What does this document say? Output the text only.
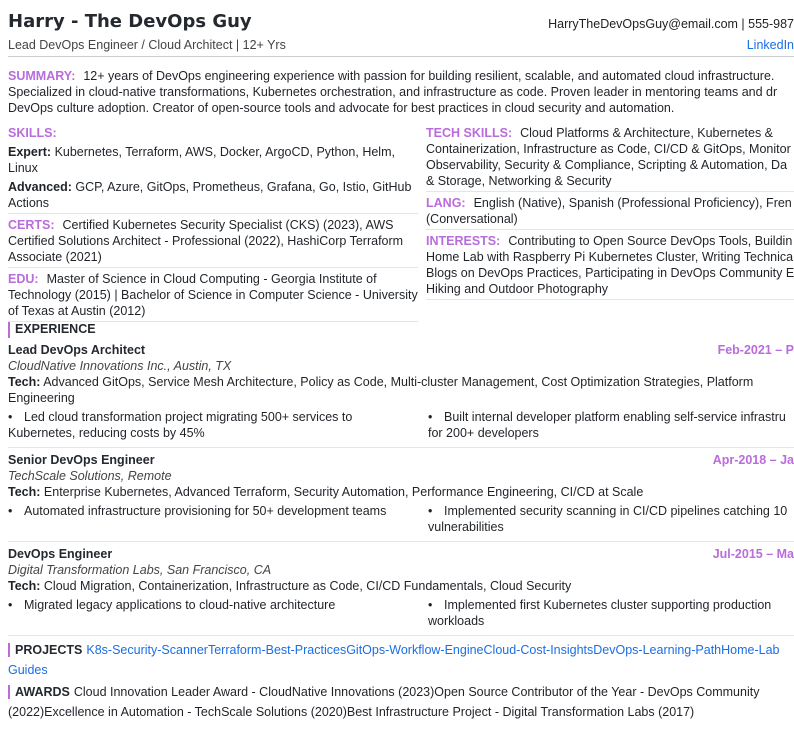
Harry - The DevOps Guy
Lead DevOps Engineer / Cloud Architect | 12+ Yrs
HarryTheDevOpsGuy@email.com | 555-987
LinkedIn
SUMMARY: 12+ years of DevOps engineering experience with passion for building resilient, scalable, and automated cloud infrastructure. Specialized in cloud-native transformations, Kubernetes orchestration, and infrastructure as code. Proven leader in mentoring teams and dr DevOps culture adoption. Creator of open-source tools and advocate for best practices in cloud security and automation.
SKILLS:
Expert: Kubernetes, Terraform, AWS, Docker, ArgoCD, Python, Helm, Linux
Advanced: GCP, Azure, GitOps, Prometheus, Grafana, Go, Istio, GitHub Actions
CERTS: Certified Kubernetes Security Specialist (CKS) (2023), AWS Certified Solutions Architect - Professional (2022), HashiCorp Terraform Associate (2021)
EDU: Master of Science in Cloud Computing - Georgia Institute of Technology (2015) | Bachelor of Science in Computer Science - University of Texas at Austin (2012)
TECH SKILLS: Cloud Platforms & Architecture, Kubernetes &
Containerization, Infrastructure as Code, CI/CD & GitOps, Monitor
Observability, Security & Compliance, Scripting & Automation, Da
& Storage, Networking & Security
LANG: English (Native), Spanish (Professional Proficiency), Fren
(Conversational)
INTERESTS: Contributing to Open Source DevOps Tools, Buildin
Home Lab with Raspberry Pi Kubernetes Cluster, Writing Technica
Blogs on DevOps Practices, Participating in DevOps Community E
Hiking and Outdoor Photography
EXPERIENCE
Lead DevOps Architect	Feb-2021 – P
CloudNative Innovations Inc., Austin, TX
Tech: Advanced GitOps, Service Mesh Architecture, Policy as Code, Multi-cluster Management, Cost Optimization Strategies, Platform Engineering
• Led cloud transformation project migrating 500+ services to Kubernetes, reducing costs by 45%
• Built internal developer platform enabling self-service infrastru
for 200+ developers
Senior DevOps Engineer	Apr-2018 – Ja
TechScale Solutions, Remote
Tech: Enterprise Kubernetes, Advanced Terraform, Security Automation, Performance Engineering, CI/CD at Scale
• Automated infrastructure provisioning for 50+ development teams	• Implemented security scanning in CI/CD pipelines catching 10
vulnerabilities
DevOps Engineer	Jul-2015 – Ma
Digital Transformation Labs, San Francisco, CA
Tech: Cloud Migration, Containerization, Infrastructure as Code, CI/CD Fundamentals, Cloud Security
• Migrated legacy applications to cloud-native architecture	• Implemented first Kubernetes cluster supporting production
workloads
PROJECTS K8s-Security-ScannerTerraform-Best-PracticesGitOps-Workflow-EngineCloud-Cost-InsightsDevOps-Learning-PathHome-Lab
Guides
AWARDS Cloud Innovation Leader Award - CloudNative Innovations (2023)Open Source Contributor of the Year - DevOps Community
(2022)Excellence in Automation - TechScale Solutions (2020)Best Infrastructure Project - Digital Transformation Labs (2017)
